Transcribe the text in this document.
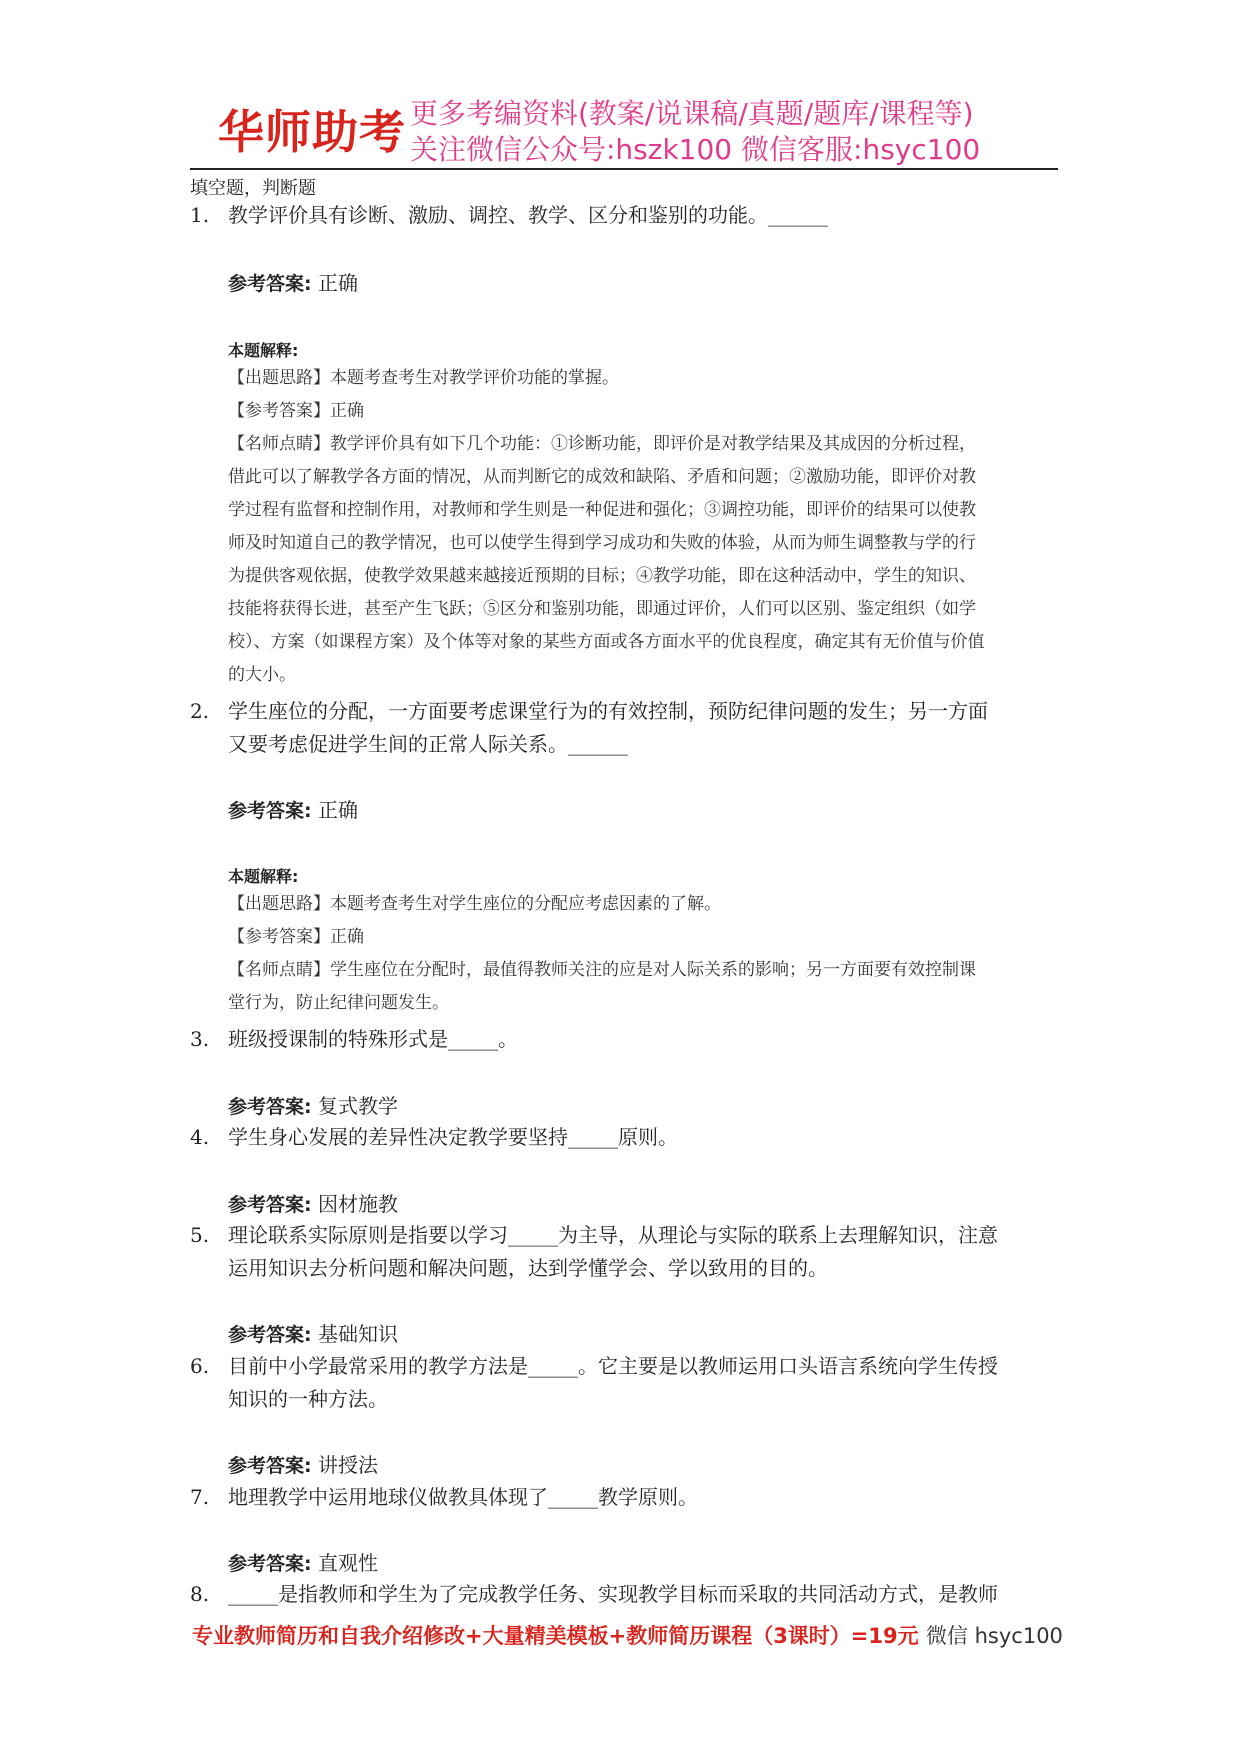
华师助考 更多考编资料(教案/说课稿/真题/题库/课程等)
关注微信公众号:hszk100 微信客服:hsyc100
填空题，判断题
1. 教学评价具有诊断、激励、调控、教学、区分和鉴别的功能。______
参考答案: 正确
本题解释:
【出题思路】本题考查考生对教学评价功能的掌握。
【参考答案】正确
【名师点睛】教学评价具有如下几个功能：①诊断功能，即评价是对教学结果及其成因的分析过程，
借此可以了解教学各方面的情况，从而判断它的成效和缺陷、矛盾和问题；②激励功能，即评价对教
学过程有监督和控制作用，对教师和学生则是一种促进和强化；③调控功能，即评价的结果可以使教
师及时知道自己的教学情况，也可以使学生得到学习成功和失败的体验，从而为师生调整教与学的行
为提供客观依据，使教学效果越来越接近预期的目标；④教学功能，即在这种活动中，学生的知识、
技能将获得长进，甚至产生飞跃；⑤区分和鉴别功能，即通过评价，人们可以区别、鉴定组织（如学
校）、方案（如课程方案）及个体等对象的某些方面或各方面水平的优良程度，确定其有无价值与价值
的大小。
2. 学生座位的分配，一方面要考虑课堂行为的有效控制，预防纪律问题的发生；另一方面
又要考虑促进学生间的正常人际关系。______
参考答案: 正确
本题解释:
【出题思路】本题考查考生对学生座位的分配应考虑因素的了解。
【参考答案】正确
【名师点睛】学生座位在分配时，最值得教师关注的应是对人际关系的影响；另一方面要有效控制课
堂行为，防止纪律问题发生。
3. 班级授课制的特殊形式是_____。
参考答案: 复式教学
4. 学生身心发展的差异性决定教学要坚持_____原则。
参考答案: 因材施教
5. 理论联系实际原则是指要以学习_____为主导，从理论与实际的联系上去理解知识，注意
运用知识去分析问题和解决问题，达到学懂学会、学以致用的目的。
参考答案: 基础知识
6. 目前中小学最常采用的教学方法是_____。它主要是以教师运用口头语言系统向学生传授
知识的一种方法。
参考答案: 讲授法
7. 地理教学中运用地球仪做教具体现了_____教学原则。
参考答案: 直观性
8. _____是指教师和学生为了完成教学任务、实现教学目标而采取的共同活动方式，是教师
专业教师简历和自我介绍修改+大量精美模板+教师简历课程（3课时）=19元 微信 hsyc100
